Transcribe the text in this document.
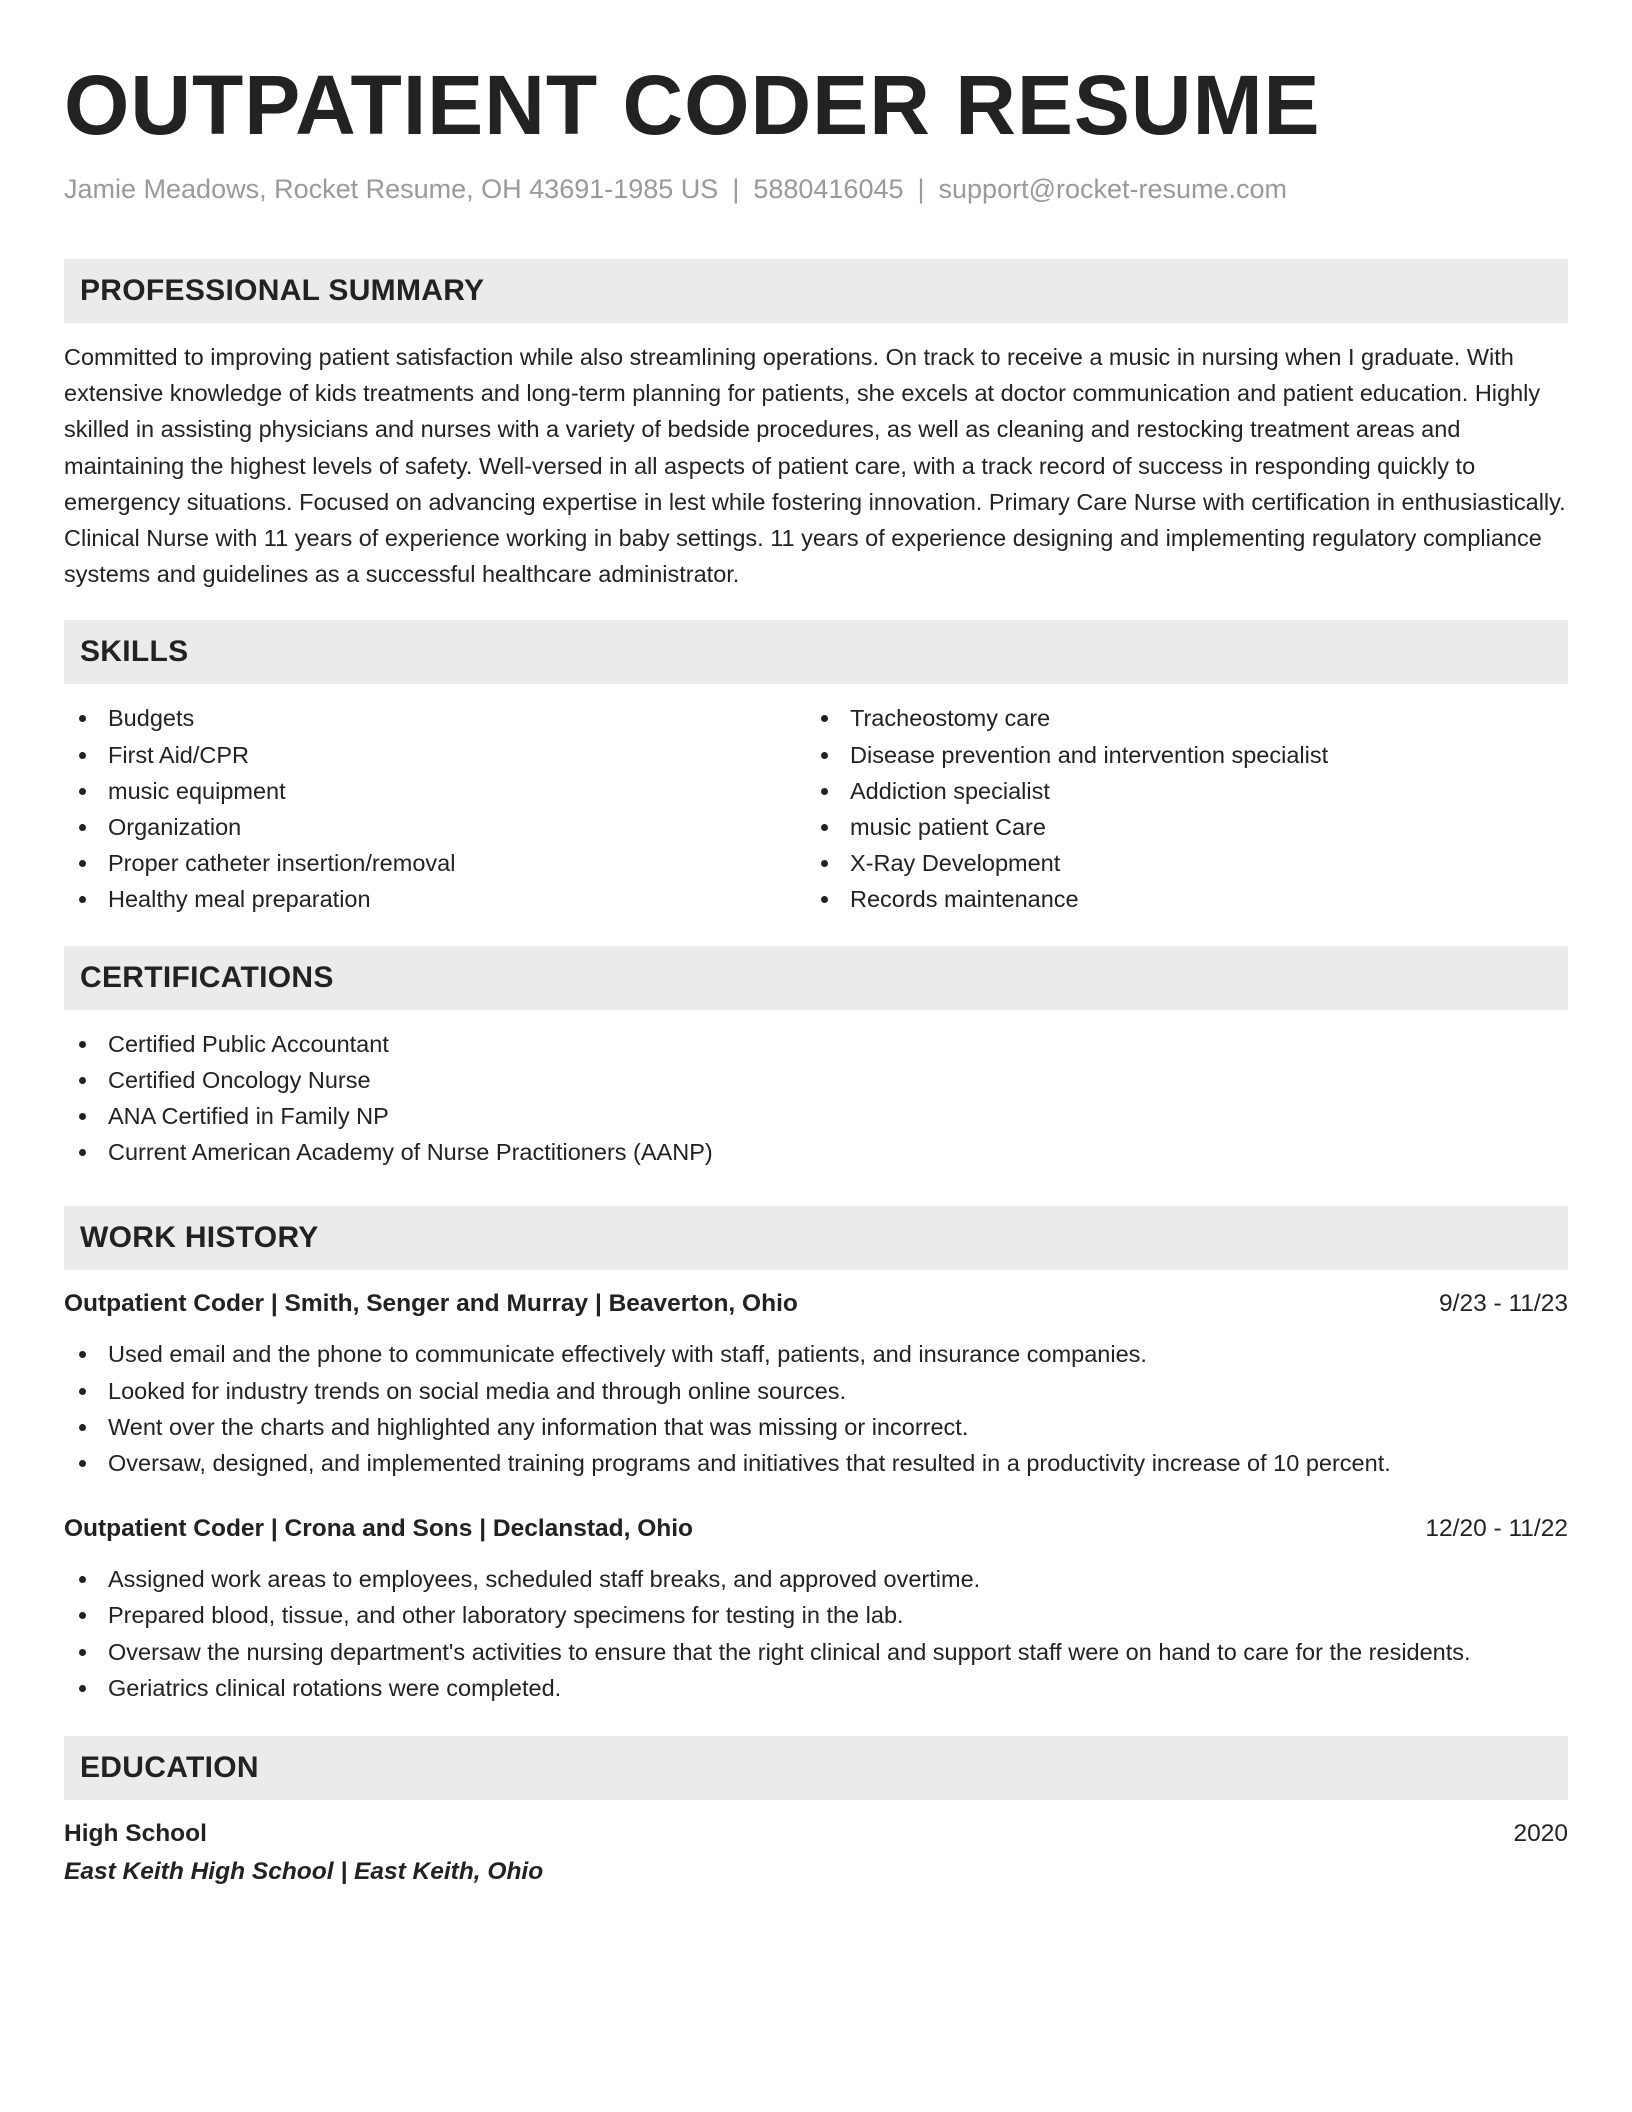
OUTPATIENT CODER RESUME
Jamie Meadows, Rocket Resume, OH 43691-1985 US | 5880416045 | support@rocket-resume.com
PROFESSIONAL SUMMARY
Committed to improving patient satisfaction while also streamlining operations. On track to receive a music in nursing when I graduate. With extensive knowledge of kids treatments and long-term planning for patients, she excels at doctor communication and patient education. Highly skilled in assisting physicians and nurses with a variety of bedside procedures, as well as cleaning and restocking treatment areas and maintaining the highest levels of safety. Well-versed in all aspects of patient care, with a track record of success in responding quickly to emergency situations. Focused on advancing expertise in lest while fostering innovation. Primary Care Nurse with certification in enthusiastically. Clinical Nurse with 11 years of experience working in baby settings. 11 years of experience designing and implementing regulatory compliance systems and guidelines as a successful healthcare administrator.
SKILLS
Budgets
First Aid/CPR
music equipment
Organization
Proper catheter insertion/removal
Healthy meal preparation
Tracheostomy care
Disease prevention and intervention specialist
Addiction specialist
music patient Care
X-Ray Development
Records maintenance
CERTIFICATIONS
Certified Public Accountant
Certified Oncology Nurse
ANA Certified in Family NP
Current American Academy of Nurse Practitioners (AANP)
WORK HISTORY
Outpatient Coder | Smith, Senger and Murray | Beaverton, Ohio	9/23 - 11/23
Used email and the phone to communicate effectively with staff, patients, and insurance companies.
Looked for industry trends on social media and through online sources.
Went over the charts and highlighted any information that was missing or incorrect.
Oversaw, designed, and implemented training programs and initiatives that resulted in a productivity increase of 10 percent.
Outpatient Coder | Crona and Sons | Declanstad, Ohio	12/20 - 11/22
Assigned work areas to employees, scheduled staff breaks, and approved overtime.
Prepared blood, tissue, and other laboratory specimens for testing in the lab.
Oversaw the nursing department's activities to ensure that the right clinical and support staff were on hand to care for the residents.
Geriatrics clinical rotations were completed.
EDUCATION
High School	2020
East Keith High School | East Keith, Ohio
